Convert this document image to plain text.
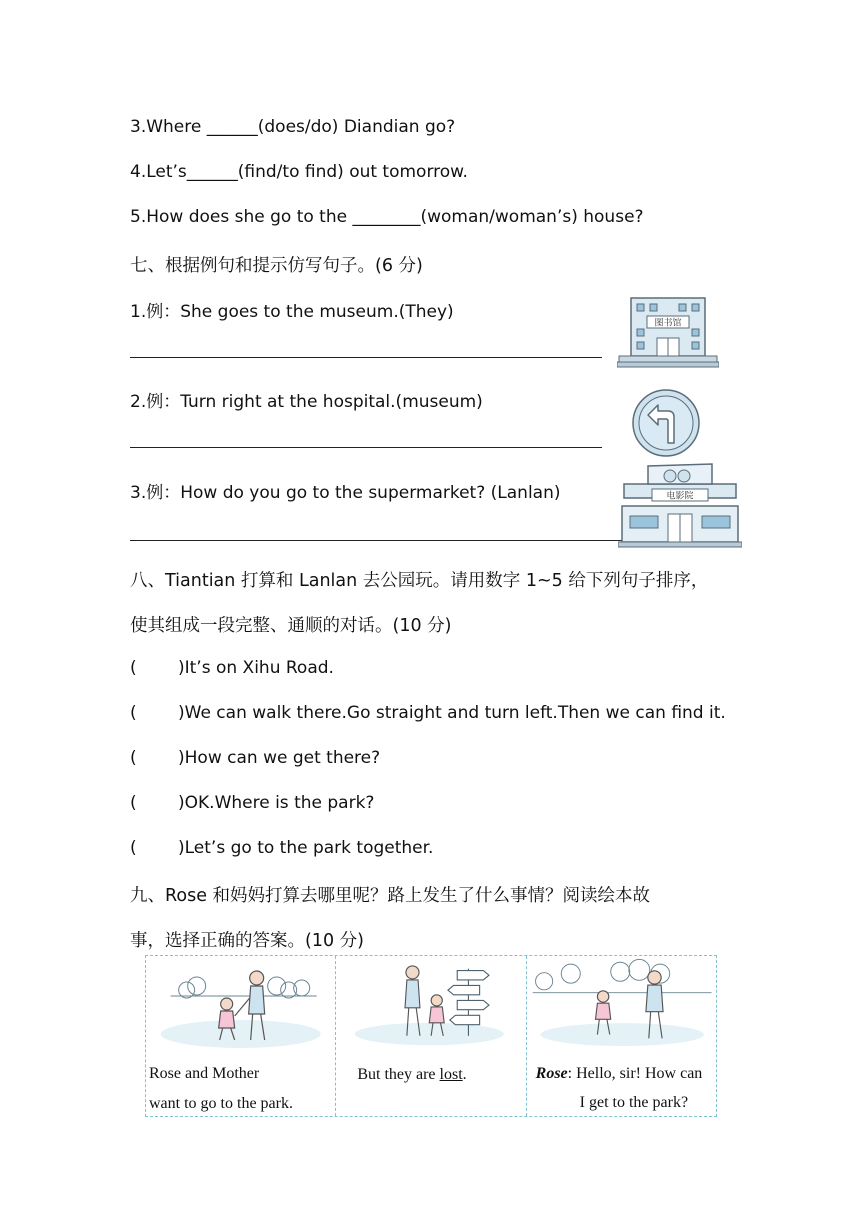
3.Where ______(does/do) Diandian go?
4.Let’s______(find/to find) out tomorrow.
5.How does she go to the ________(woman/woman’s) house?
七、根据例句和提示仿写句子。(6 分)
1.例：She goes to the museum.(They)
2.例：Turn right at the hospital.(museum)
3.例：How do you go to the supermarket? (Lanlan)
图书馆
电影院
八、Tiantian 打算和 Lanlan 去公园玩。请用数字 1~5 给下列句子排序，
使其组成一段完整、通顺的对话。(10 分)
( )It’s on Xihu Road.
( )We can walk there.Go straight and turn left.Then we can find it.
( )How can we get there?
( )OK.Where is the park?
( )Let’s go to the park together.
九、Rose 和妈妈打算去哪里呢？路上发生了什么事情？阅读绘本故
事，选择正确的答案。(10 分)
Rose and Mother
want to go to the park.
But they are lost.	Rose: Hello, sir! How can
I get to the park?
